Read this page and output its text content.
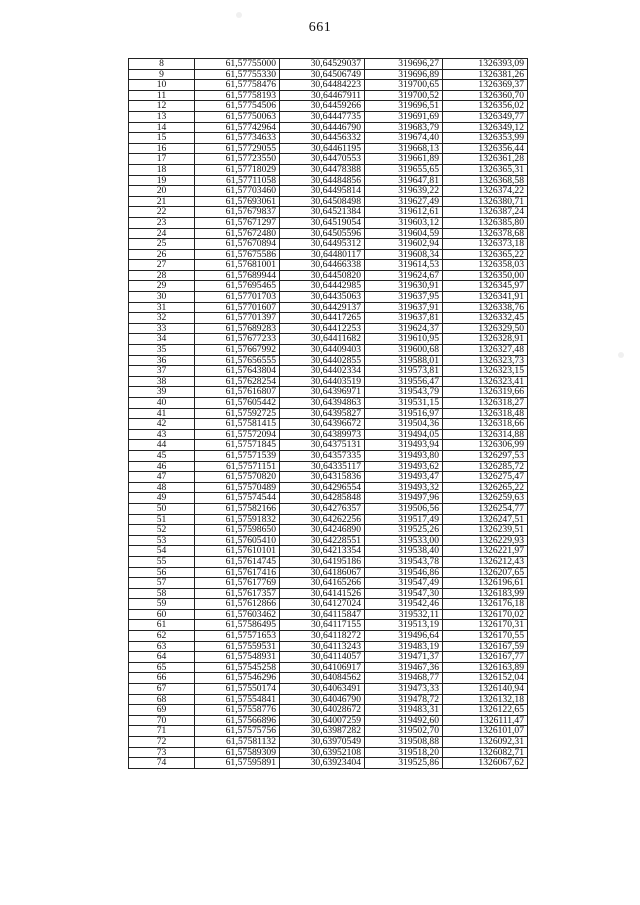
661
8	61,57755000	30,64529037	319696,27	1326393,09
9	61,57755330	30,64506749	319696,89	1326381,26
10	61,57758476	30,64484223	319700,65	1326369,37
11	61,57758193	30,64467911	319700,52	1326360,70
12	61,57754506	30,64459266	319696,51	1326356,02
13	61,57750063	30,64447735	319691,69	1326349,77
14	61,57742964	30,64446790	319683,79	1326349,12
15	61,57734633	30,64456332	319674,40	1326353,99
16	61,57729055	30,64461195	319668,13	1326356,44
17	61,57723550	30,64470553	319661,89	1326361,28
18	61,57718029	30,64478388	319655,65	1326365,31
19	61,57711058	30,64484856	319647,81	1326368,58
20	61,57703460	30,64495814	319639,22	1326374,22
21	61,57693061	30,64508498	319627,49	1326380,71
22	61,57679837	30,64521384	319612,61	1326387,24
23	61,57671297	30,64519054	319603,12	1326385,80
24	61,57672480	30,64505596	319604,59	1326378,68
25	61,57670894	30,64495312	319602,94	1326373,18
26	61,57675586	30,64480117	319608,34	1326365,22
27	61,57681001	30,64466338	319614,53	1326358,03
28	61,57689944	30,64450820	319624,67	1326350,00
29	61,57695465	30,64442985	319630,91	1326345,97
30	61,57701703	30,64435063	319637,95	1326341,91
31	61,57701607	30,64429137	319637,91	1326338,76
32	61,57701397	30,64417265	319637,81	1326332,45
33	61,57689283	30,64412253	319624,37	1326329,50
34	61,57677233	30,64411682	319610,95	1326328,91
35	61,57667992	30,64409403	319600,68	1326327,48
36	61,57656555	30,64402855	319588,01	1326323,73
37	61,57643804	30,64402334	319573,81	1326323,15
38	61,57628254	30,64403519	319556,47	1326323,41
39	61,57616807	30,64396971	319543,79	1326319,66
40	61,57605442	30,64394863	319531,15	1326318,27
41	61,57592725	30,64395827	319516,97	1326318,48
42	61,57581415	30,64396672	319504,36	1326318,66
43	61,57572094	30,64389973	319494,05	1326314,88
44	61,57571845	30,64375131	319493,94	1326306,99
45	61,57571539	30,64357335	319493,80	1326297,53
46	61,57571151	30,64335117	319493,62	1326285,72
47	61,57570820	30,64315836	319493,47	1326275,47
48	61,57570489	30,64296554	319493,32	1326265,22
49	61,57574544	30,64285848	319497,96	1326259,63
50	61,57582166	30,64276357	319506,56	1326254,77
51	61,57591832	30,64262256	319517,49	1326247,51
52	61,57598650	30,64246890	319525,26	1326239,51
53	61,57605410	30,64228551	319533,00	1326229,93
54	61,57610101	30,64213354	319538,40	1326221,97
55	61,57614745	30,64195186	319543,78	1326212,43
56	61,57617416	30,64186067	319546,86	1326207,65
57	61,57617769	30,64165266	319547,49	1326196,61
58	61,57617357	30,64141526	319547,30	1326183,99
59	61,57612866	30,64127024	319542,46	1326176,18
60	61,57603462	30,64115847	319532,11	1326170,02
61	61,57586495	30,64117155	319513,19	1326170,31
62	61,57571653	30,64118272	319496,64	1326170,55
63	61,57559531	30,64113243	319483,19	1326167,59
64	61,57548931	30,64114057	319471,37	1326167,77
65	61,57545258	30,64106917	319467,36	1326163,89
66	61,57546296	30,64084562	319468,77	1326152,04
67	61,57550174	30,64063491	319473,33	1326140,94
68	61,57554841	30,64046790	319478,72	1326132,18
69	61,57558776	30,64028672	319483,31	1326122,65
70	61,57566896	30,64007259	319492,60	1326111,47
71	61,57575756	30,63987282	319502,70	1326101,07
72	61,57581132	30,63970549	319508,88	1326092,31
73	61,57589309	30,63952108	319518,20	1326082,71
74	61,57595891	30,63923404	319525,86	1326067,62
